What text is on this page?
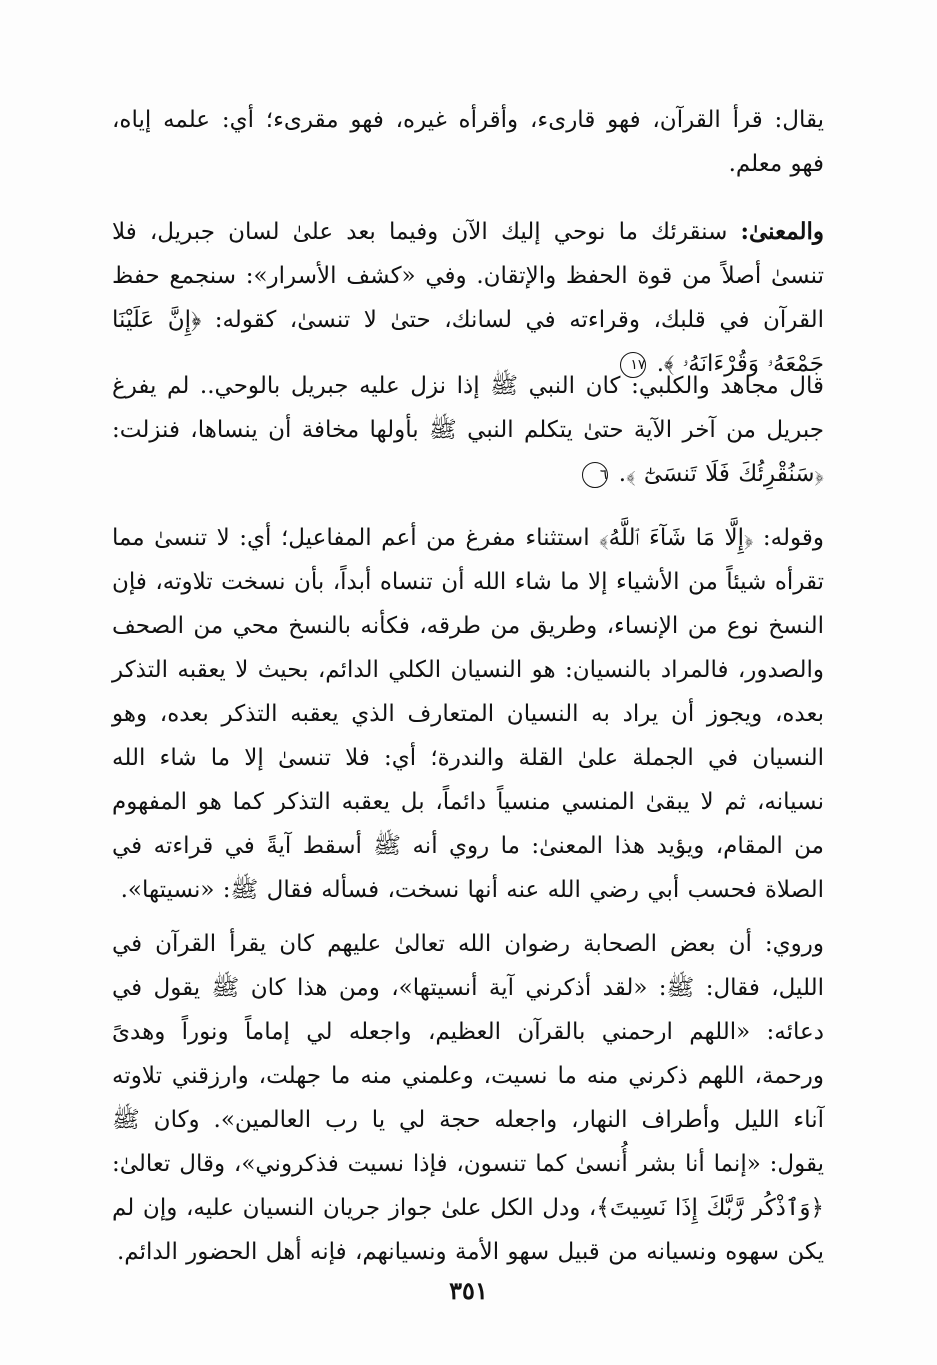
يقال: قرأ القرآن، فهو قارىء، وأقرأه غيره، فهو مقرىء؛ أي: علمه إياه، فهو معلم.
والمعنىٰ: سنقرئك ما نوحي إليك الآن وفيما بعد علىٰ لسان جبريل، فلا تنسىٰ أصلاً من قوة الحفظ والإتقان. وفي «كشف الأسرار»: سنجمع حفظ القرآن في قلبك، وقراءته في لسانك، حتىٰ لا تنسىٰ، كقوله: ﴿إِنَّ عَلَيْنَا جَمْعَهُۥ وَقُرْءَانَهُۥ ﴾. ١٧
قال مجاهد والكلبي: كان النبي ﷺ إذا نزل عليه جبريل بالوحي.. لم يفرغ جبريل من آخر الآية حتىٰ يتكلم النبي ﷺ بأولها مخافة أن ينساها، فنزلت: ﴿سَنُقْرِئُكَ فَلَا تَنسَىٰٓ ﴾. ٦
وقوله: ﴿إِلَّا مَا شَآءَ ٱللَّهُ﴾ استثناء مفرغ من أعم المفاعيل؛ أي: لا تنسىٰ مما تقرأه شيئاً من الأشياء إلا ما شاء الله أن تنساه أبداً، بأن نسخت تلاوته، فإن النسخ نوع من الإنساء، وطريق من طرقه، فكأنه بالنسخ محي من الصحف والصدور، فالمراد بالنسيان: هو النسيان الكلي الدائم، بحيث لا يعقبه التذكر بعده، ويجوز أن يراد به النسيان المتعارف الذي يعقبه التذكر بعده، وهو النسيان في الجملة علىٰ القلة والندرة؛ أي: فلا تنسىٰ إلا ما شاء الله نسيانه، ثم لا يبقىٰ المنسي منسياً دائماً، بل يعقبه التذكر كما هو المفهوم من المقام، ويؤيد هذا المعنىٰ: ما روي أنه ﷺ أسقط آيةً في قراءته في الصلاة فحسب أبي رضي الله عنه أنها نسخت، فسأله فقال ﷺ: «نسيتها».
وروي: أن بعض الصحابة رضوان الله تعالىٰ عليهم كان يقرأ القرآن في الليل، فقال: ﷺ: «لقد أذكرني آية أنسيتها»، ومن هذا كان ﷺ يقول في دعائه: «اللهم ارحمني بالقرآن العظيم، واجعله لي إماماً ونوراً وهدىً ورحمة، اللهم ذكرني منه ما نسيت، وعلمني منه ما جهلت، وارزقني تلاوته آناء الليل وأطراف النهار، واجعله حجة لي يا رب العالمين». وكان ﷺ يقول: «إنما أنا بشر أُنسىٰ كما تنسون، فإذا نسيت فذكروني»، وقال تعالىٰ: ﴿وَٱذْكُر رَّبَّكَ إِذَا نَسِيتَ﴾، ودل الكل علىٰ جواز جريان النسيان عليه، وإن لم يكن سهوه ونسيانه من قبيل سهو الأمة ونسيانهم، فإنه أهل الحضور الدائم.
٣٥١
